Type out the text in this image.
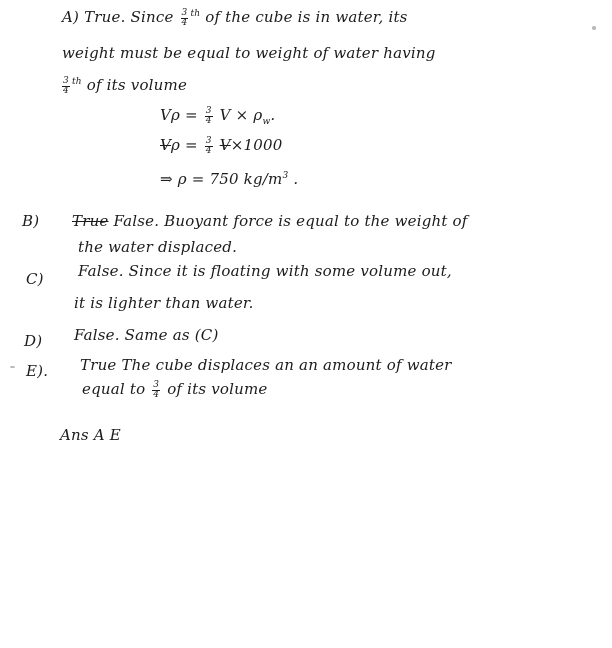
A) True. Since $\frac{3}{4} ^{th}$ of the cube is in water, its
weight must be equal to weight of water having
$\frac{3}{4} ^{th}$ of its volume
$V\rho = \frac{3}{4}$ $V \times \rho_w$.
$V\rho = \frac{3}{4} V\times 1000$
⇒ ρ = 750 $kg/m^3$ .
B) True False. Buoyant force is equal to the weight of
the water displaced.
C) False. Since it is floating with some volume out,
it is lighter than water.
D) False. Same as (C)
E). True The cube displaces an an amount of water
equal to $\frac{3}{4}$ of its volume
Ans A E
